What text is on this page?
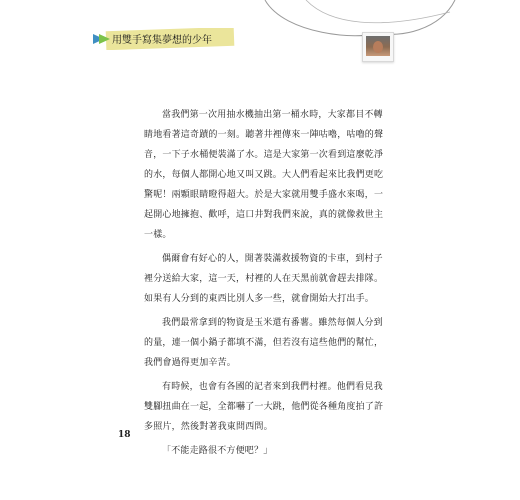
用雙手寫集夢想的少年

當我們第一次用抽水機抽出第一桶水時，大家都目不轉睛地看著這奇蹟的一刻。聽著井裡傳來一陣咕嚕，咕嚕的聲音，一下子水桶便裝滿了水。這是大家第一次看到這麼乾淨的水，每個人都開心地又叫又跳。大人們看起來比我們更吃驚呢！兩顆眼睛瞪得超大。於是大家就用雙手盛水來喝，一起開心地擁抱、歡呼，這口井對我們來說，真的就像救世主一樣。

偶爾會有好心的人，開著裝滿救援物資的卡車，到村子裡分送給大家，這一天，村裡的人在天黑前就會趕去排隊。如果有人分到的東西比別人多一些，就會開始大打出手。

我們最常拿到的物資是玉米還有番薯。雖然每個人分到的量，連一個小鍋子都填不滿，但若沒有這些他們的幫忙，我們會過得更加辛苦。

有時候，也會有各國的記者來到我們村裡。他們看見我雙腳扭曲在一起，全都嚇了一大跳，他們從各種角度拍了許多照片，然後對著我東問西問。

「不能走路很不方便吧？」

18
